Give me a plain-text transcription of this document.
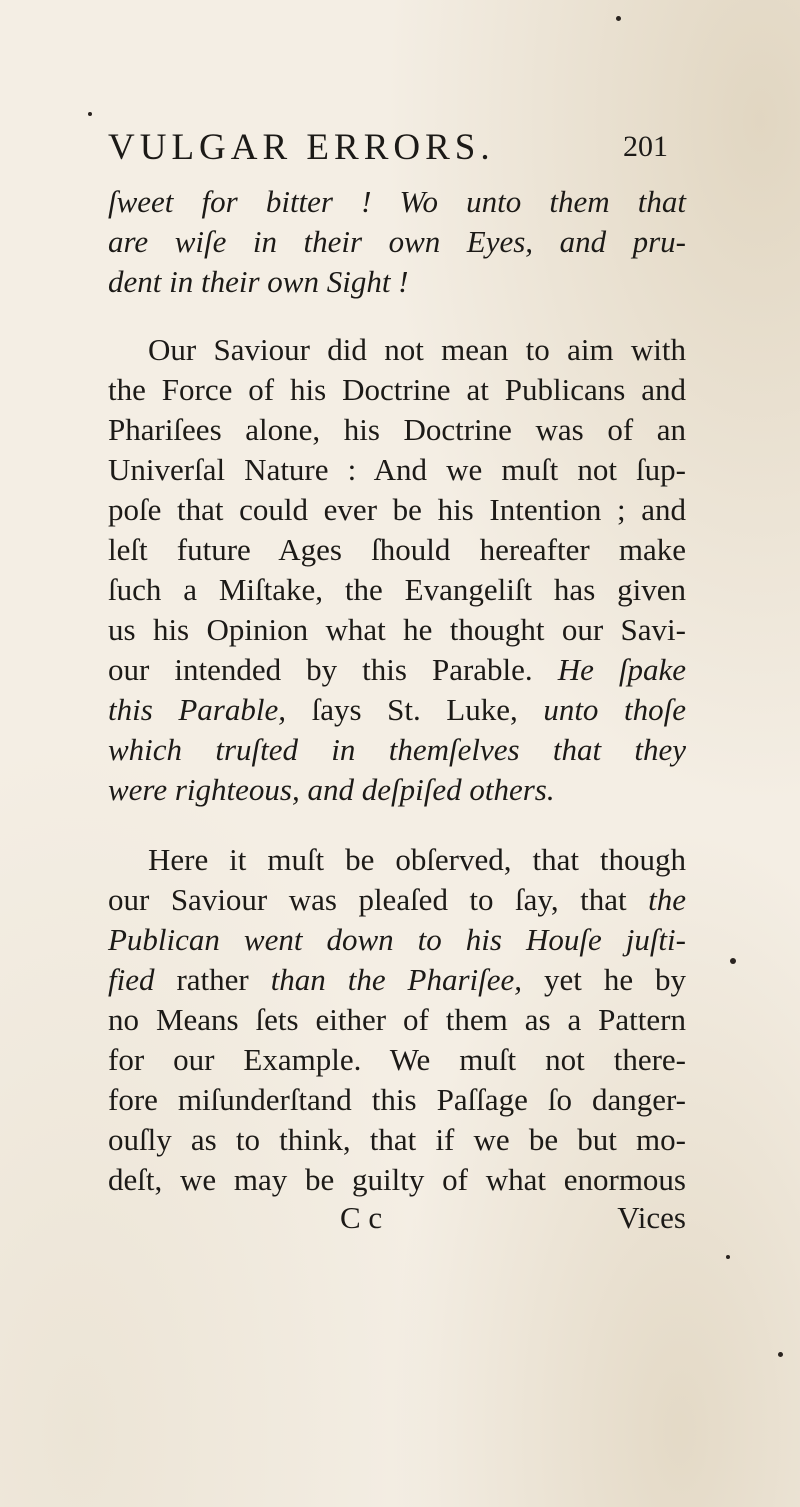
VULGAR ERRORS.	201
ſweet for bitter ! Wo unto them that
are wiſe in their own Eyes, and pru-
dent in their own Sight !
Our Saviour did not mean to aim with
the Force of his Doctrine at Publicans and
Phariſees alone, his Doctrine was of an
Univerſal Nature : And we muſt not ſup-
poſe that could ever be his Intention ; and
leſt future Ages ſhould hereafter make
ſuch a Miſtake, the Evangeliſt has given
us his Opinion what he thought our Savi-
our intended by this Parable. He ſpake
this Parable, ſays St. Luke, unto thoſe
which truſted in themſelves that they
were righteous, and deſpiſed others.
Here it muſt be obſerved, that though
our Saviour was pleaſed to ſay, that the
Publican went down to his Houſe juſti-
fied rather than the Phariſee, yet he by
no Means ſets either of them as a Pattern
for our Example. We muſt not there-
fore miſunderſtand this Paſſage ſo danger-
ouſly as to think, that if we be but mo-
deſt, we may be guilty of what enormous
C c	Vices
